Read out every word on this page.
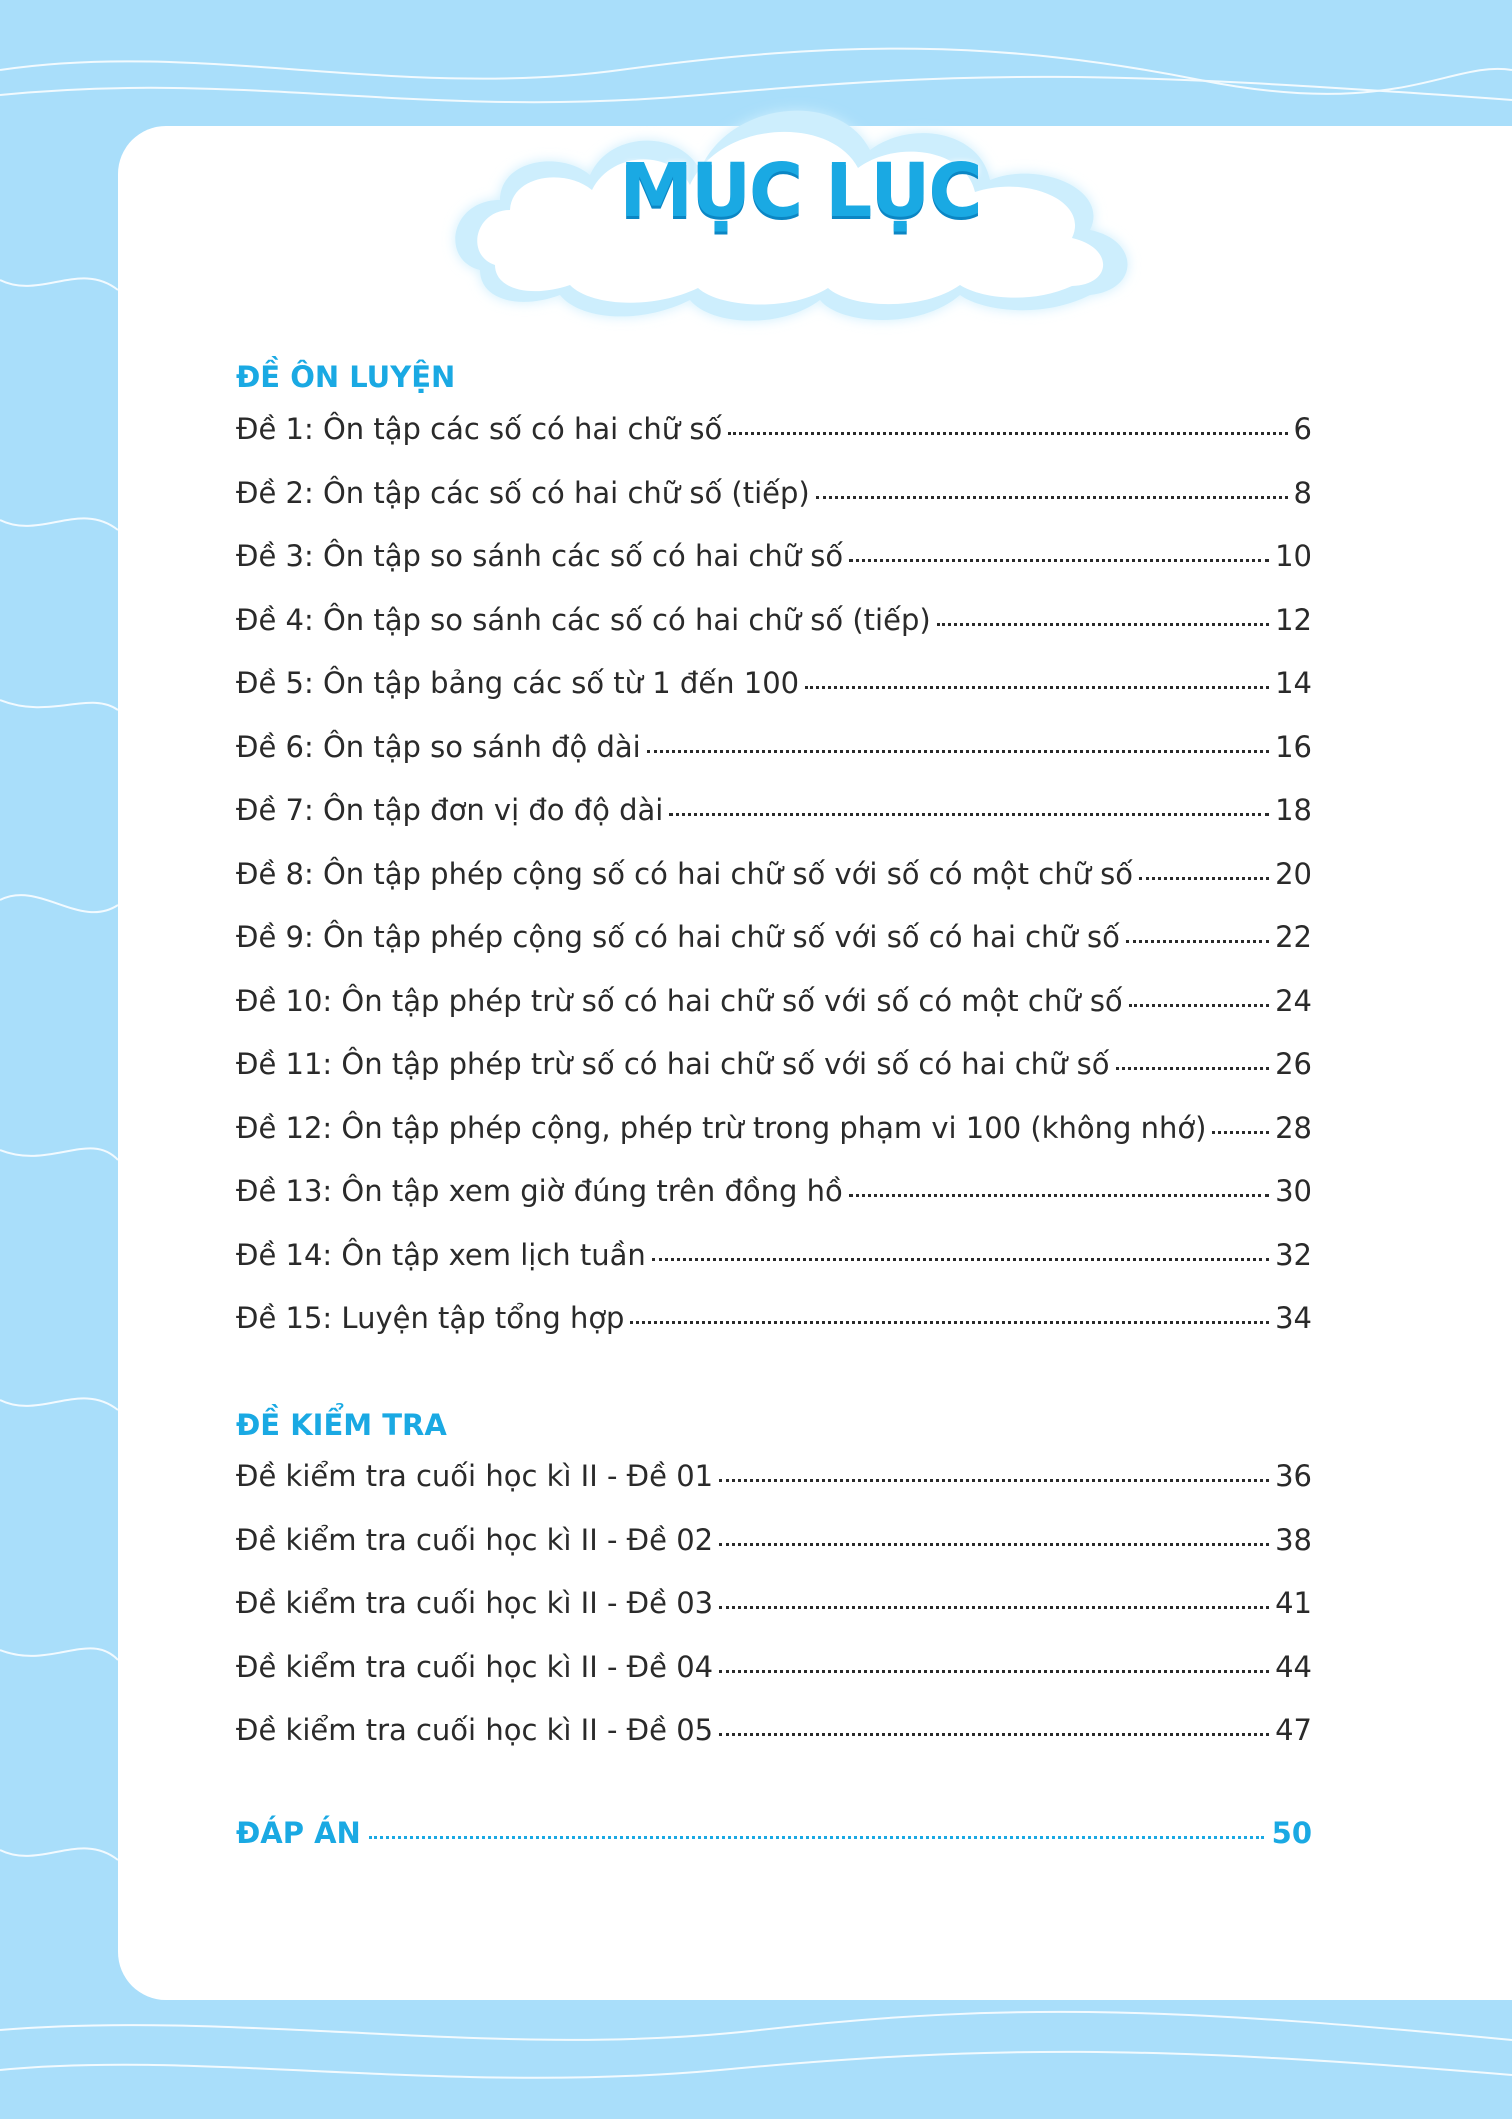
MỤC LỤC
ĐỀ ÔN LUYỆN
Đề 1: Ôn tập các số có hai chữ số	6
Đề 2: Ôn tập các số có hai chữ số (tiếp)	8
Đề 3: Ôn tập so sánh các số có hai chữ số	10
Đề 4: Ôn tập so sánh các số có hai chữ số (tiếp)	12
Đề 5: Ôn tập bảng các số từ 1 đến 100	14
Đề 6: Ôn tập so sánh độ dài	16
Đề 7: Ôn tập đơn vị đo độ dài	18
Đề 8: Ôn tập phép cộng số có hai chữ số với số có một chữ số	20
Đề 9: Ôn tập phép cộng số có hai chữ số với số có hai chữ số	22
Đề 10: Ôn tập phép trừ số có hai chữ số với số có một chữ số	24
Đề 11: Ôn tập phép trừ số có hai chữ số với số có hai chữ số	26
Đề 12: Ôn tập phép cộng, phép trừ trong phạm vi 100 (không nhớ) 28
Đề 13: Ôn tập xem giờ đúng trên đồng hồ	30
Đề 14: Ôn tập xem lịch tuần	32
Đề 15: Luyện tập tổng hợp	34
ĐỀ KIỂM TRA
Đề kiểm tra cuối học kì II - Đề 01	36
Đề kiểm tra cuối học kì II - Đề 02	38
Đề kiểm tra cuối học kì II - Đề 03	41
Đề kiểm tra cuối học kì II - Đề 04	44
Đề kiểm tra cuối học kì II - Đề 05	47
ĐÁP ÁN	50
